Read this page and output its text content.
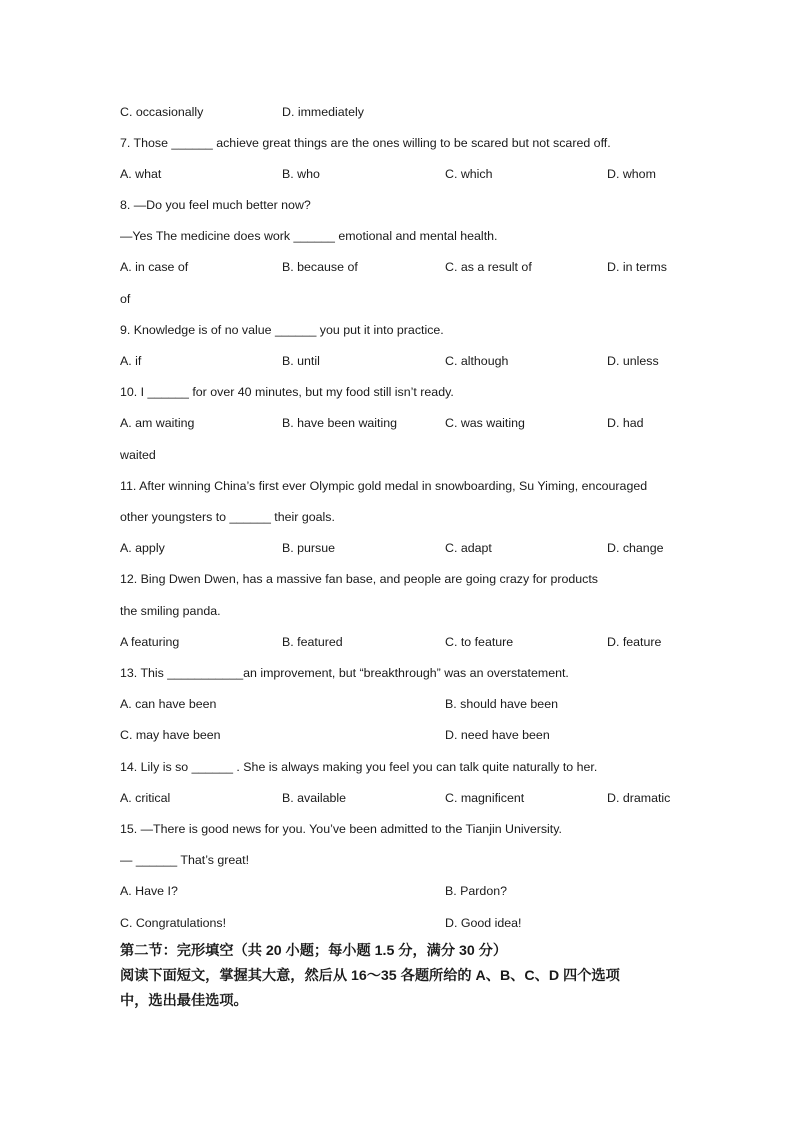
C. occasionally	D. immediately
7. Those ______ achieve great things are the ones willing to be scared but not scared off.
A. what	B. who	C. which	D. whom
8. —Do you feel much better now?
—Yes The medicine does work ______ emotional and mental health.
A. in case of	B. because of	C. as a result of	D. in terms
of
9. Knowledge is of no value ______ you put it into practice.
A. if	B. until	C. although	D. unless
10. I ______ for over 40 minutes, but my food still isn’t ready.
A. am waiting	B. have been waiting	C. was waiting	D. had
waited
11. After winning China’s first ever Olympic gold medal in snowboarding, Su Yiming, encouraged
other youngsters to ______ their goals.
A. apply	B. pursue	C. adapt	D. change
12. Bing Dwen Dwen, has a massive fan base, and people are going crazy for products
the smiling panda.
A featuring	B. featured	C. to feature	D. feature
13. This ___________an improvement, but “breakthrough” was an overstatement.
A. can have been	B. should have been
C. may have been	D. need have been
14. Lily is so ______ . She is always making you feel you can talk quite naturally to her.
A. critical	B. available	C. magnificent	D. dramatic
15. —There is good news for you. You’ve been admitted to the Tianjin University.
— ______ That’s great!
A. Have I?	B. Pardon?
C. Congratulations!	D. Good idea!
第二节：完形填空（共 20 小题；每小题 1.5 分，满分 30 分）
阅读下面短文，掌握其大意，然后从 16～35 各题所给的 A、B、C、D 四个选项
中，选出最佳选项。
